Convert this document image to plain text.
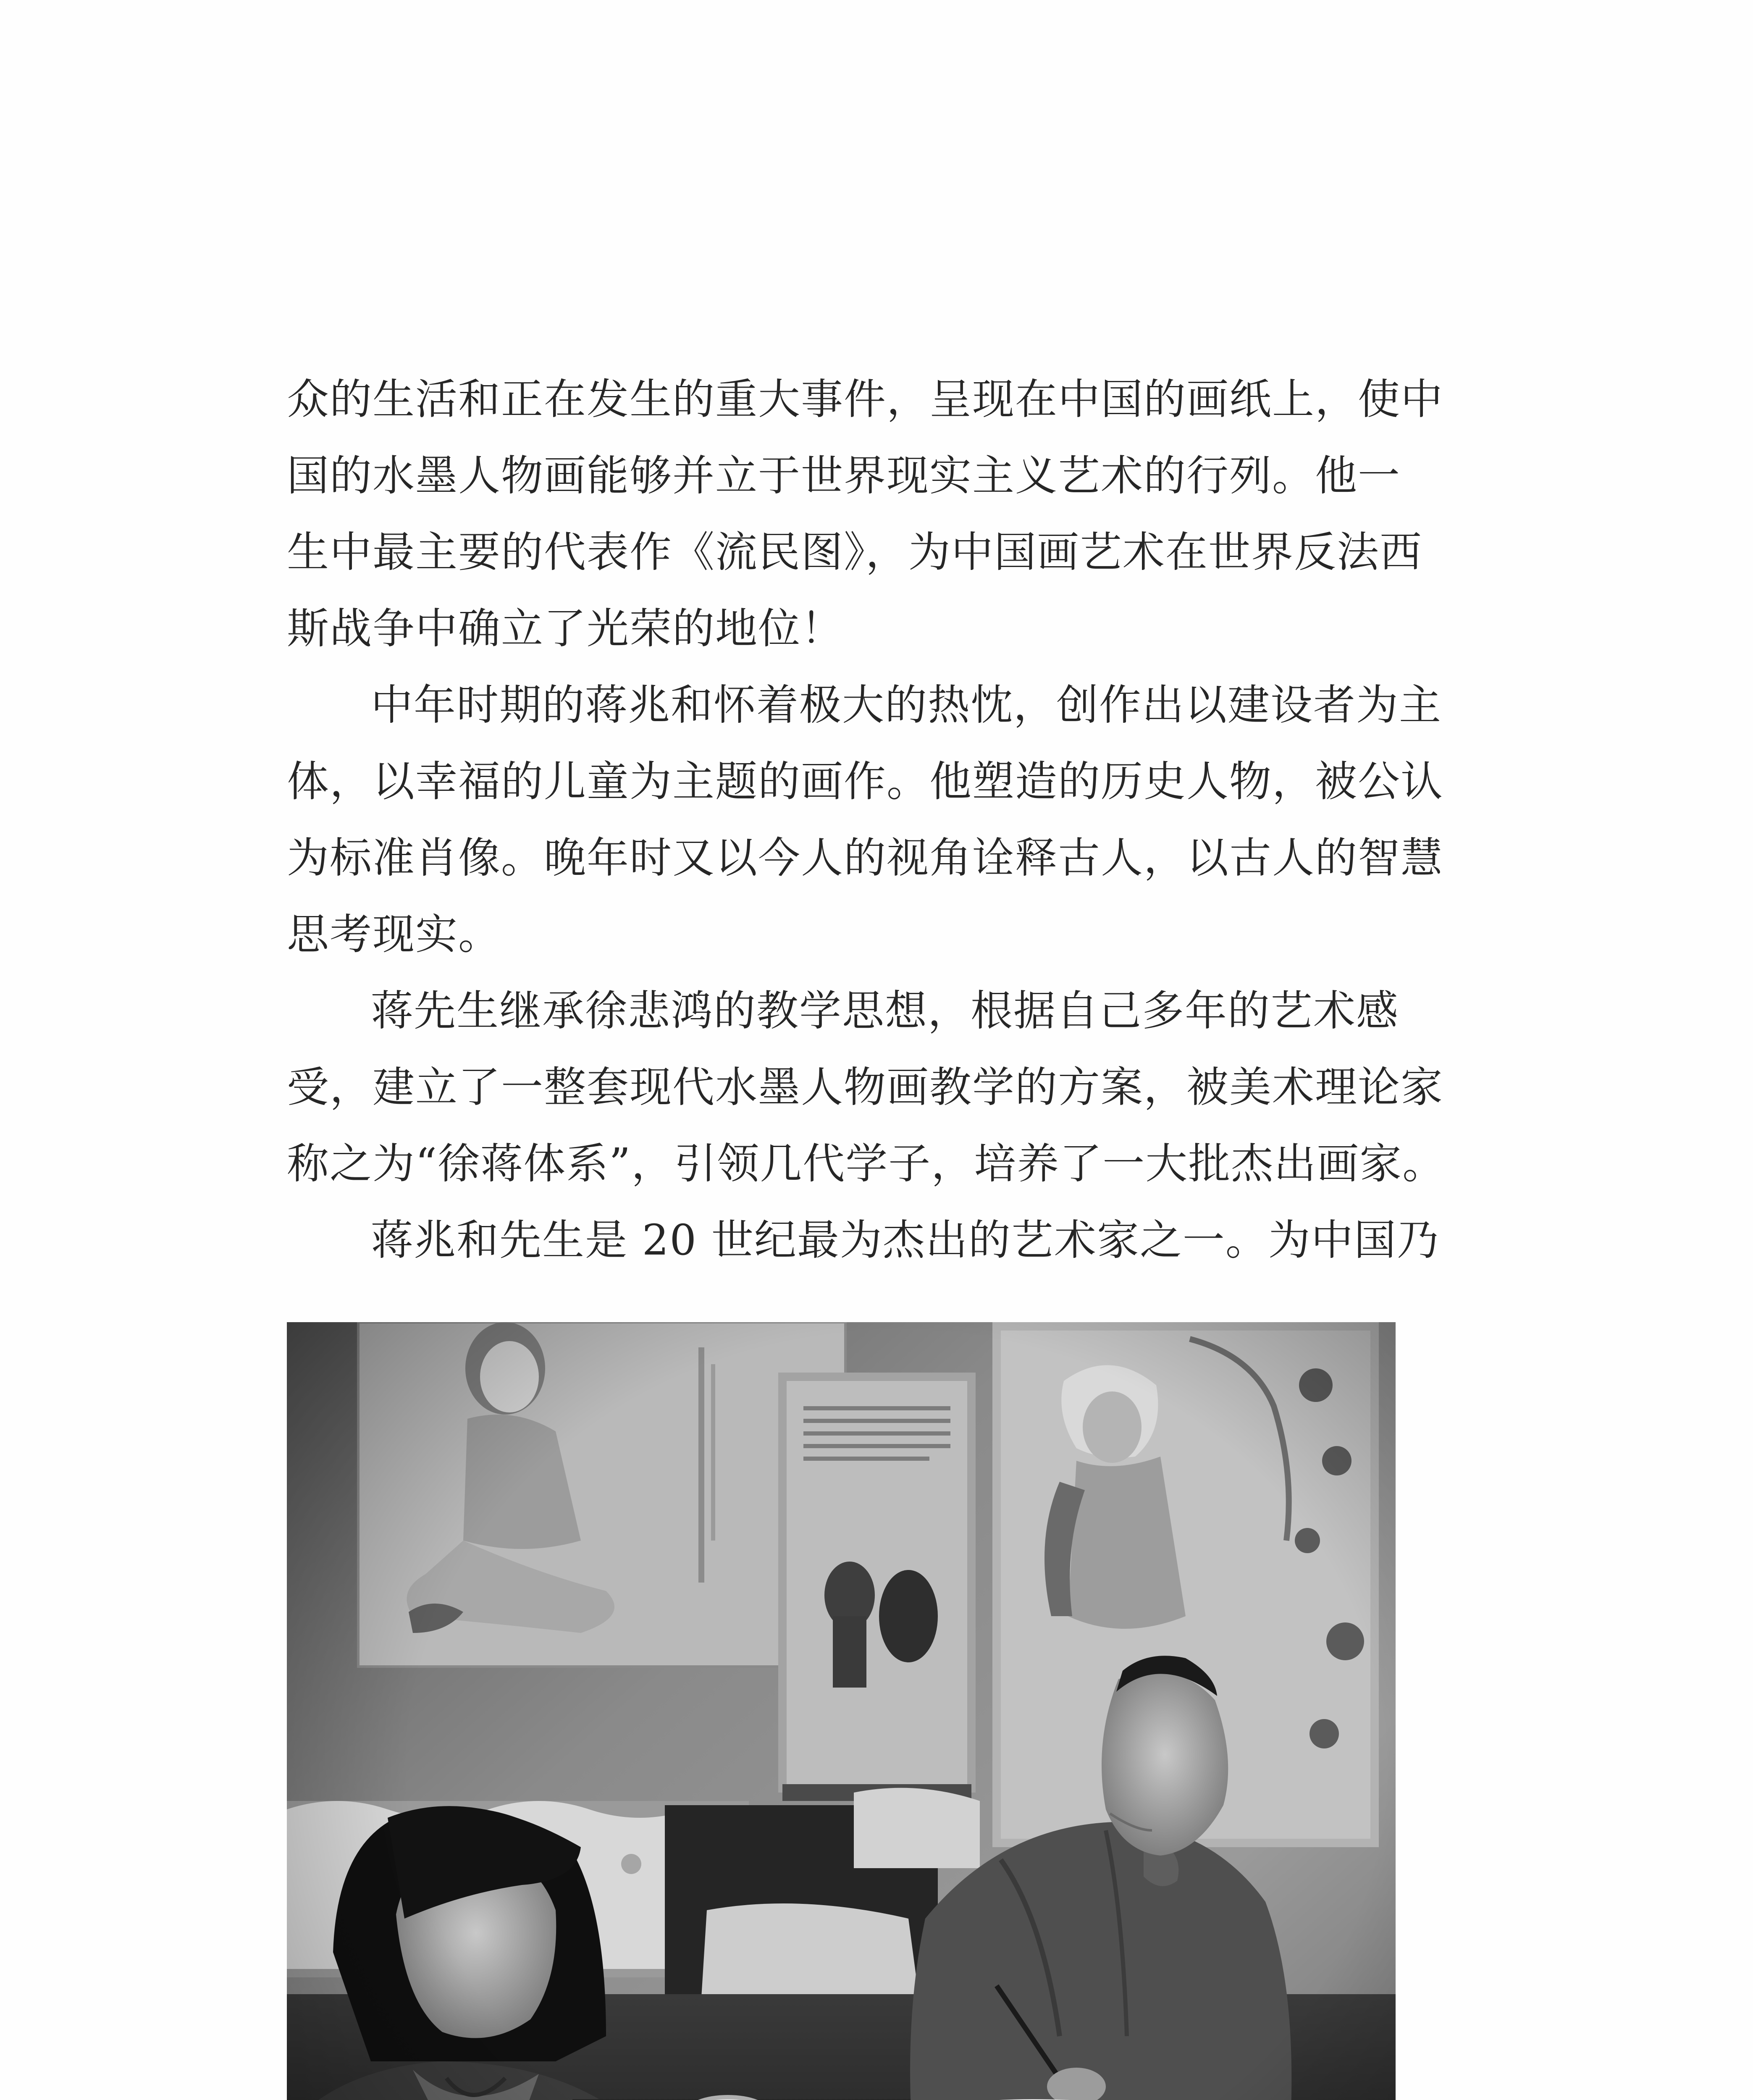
众的生活和正在发生的重大事件，呈现在中国的画纸上，使中
国的水墨人物画能够并立于世界现实主义艺术的行列。他一
生中最主要的代表作《流民图》，为中国画艺术在世界反法西
斯战争中确立了光荣的地位！
中年时期的蒋兆和怀着极大的热忱，创作出以建设者为主
体，以幸福的儿童为主题的画作。他塑造的历史人物，被公认
为标准肖像。晚年时又以今人的视角诠释古人，以古人的智慧
思考现实。
蒋先生继承徐悲鸿的教学思想，根据自己多年的艺术感
受，建立了一整套现代水墨人物画教学的方案，被美术理论家
称之为“徐蒋体系”，引领几代学子，培养了一大批杰出画家。
蒋兆和先生是 20 世纪最为杰出的艺术家之一。为中国乃
